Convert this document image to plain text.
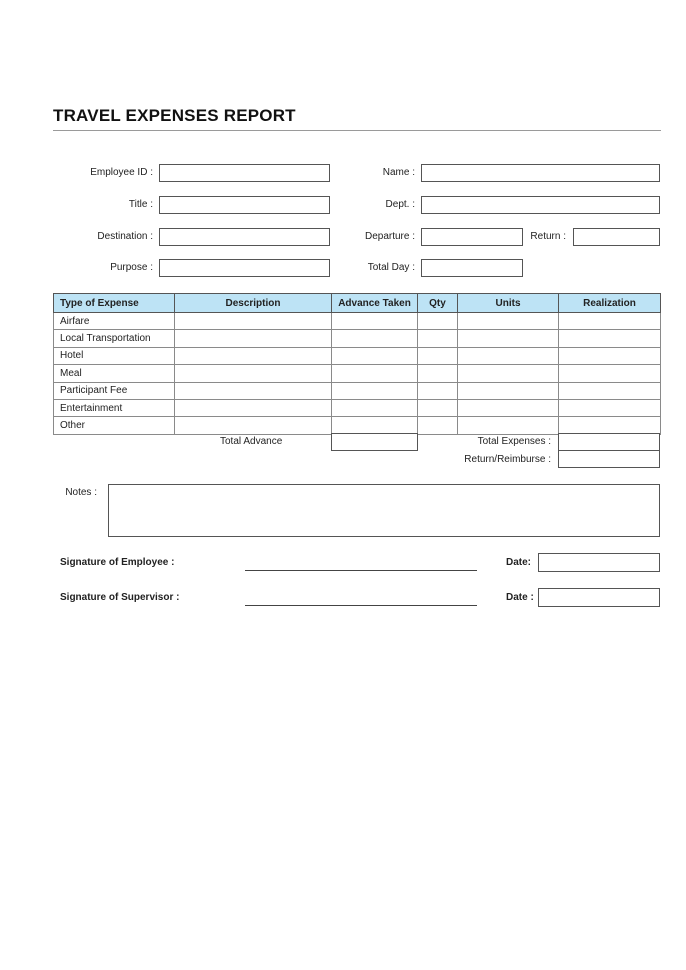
TRAVEL EXPENSES REPORT
Employee ID :	Name :
Title :	Dept. :
Destination :	Departure :	Return :
Purpose :	Total Day :
Type of Expense	Description	Advance Taken	Qty	Units	Realization
Airfare					
Local Transportation					
Hotel					
Meal					
Participant Fee					
Entertainment					
Other					
Total Advance	Total Expenses :
Return/Reimburse :
Notes :
Signature of Employee :	Date:
Signature of Supervisor :	Date :
